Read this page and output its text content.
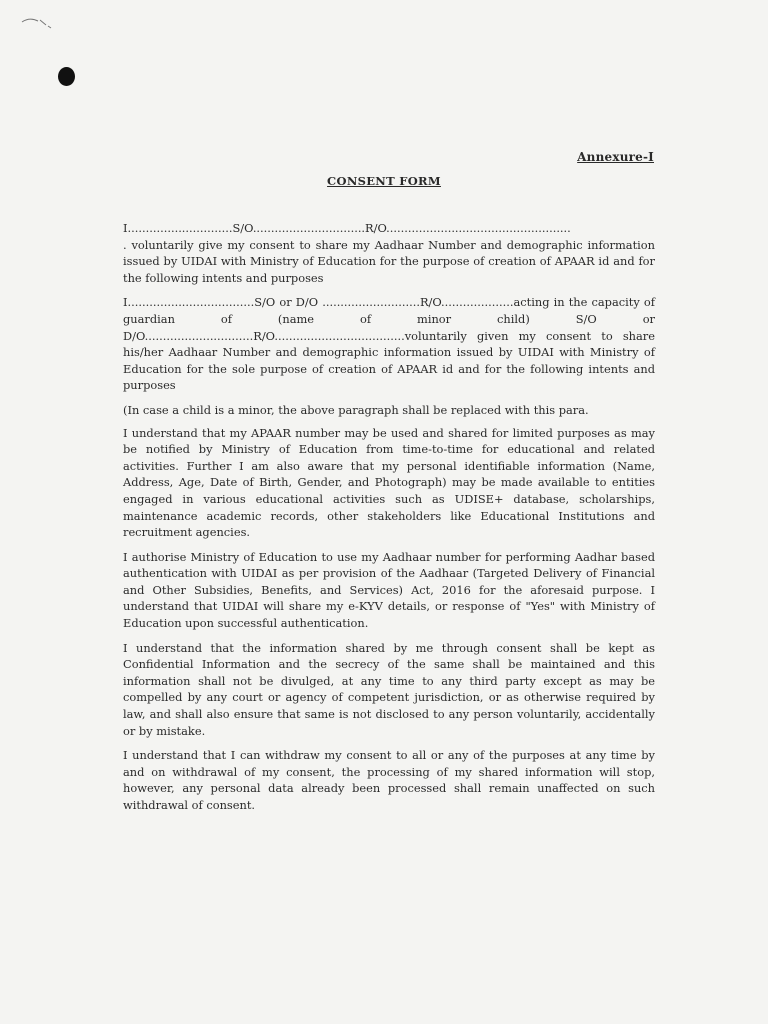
Annexure-I
CONSENT FORM

I.............................S/O...............................R/O...................................................
. voluntarily give my consent to share my Aadhaar Number and demographic information issued by UIDAI with Ministry of Education for the purpose of creation of APAAR id and for the following intents and purposes

I...................................S/O or D/O ...........................R/O....................acting in the capacity of guardian of (name of minor child) S/O or D/O..............................R/O....................................voluntarily given my consent to share his/her Aadhaar Number and demographic information issued by UIDAI with Ministry of Education for the sole purpose of creation of APAAR id and for the following intents and purposes

(In case a child is a minor, the above paragraph shall be replaced with this para.

I understand that my APAAR number may be used and shared for limited purposes as may be notified by Ministry of Education from time-to-time for educational and related activities. Further I am also aware that my personal identifiable information (Name, Address, Age, Date of Birth, Gender, and Photograph) may be made available to entities engaged in various educational activities such as UDISE+ database, scholarships, maintenance academic records, other stakeholders like Educational Institutions and recruitment agencies.

I authorise Ministry of Education to use my Aadhaar number for performing Aadhar based authentication with UIDAI as per provision of the Aadhaar (Targeted Delivery of Financial and Other Subsidies, Benefits, and Services) Act, 2016 for the aforesaid purpose. I understand that UIDAI will share my e-KYV details, or response of "Yes" with Ministry of Education upon successful authentication.

I understand that the information shared by me through consent shall be kept as Confidential Information and the secrecy of the same shall be maintained and this information shall not be divulged, at any time to any third party except as may be compelled by any court or agency of competent jurisdiction, or as otherwise required by law, and shall also ensure that same is not disclosed to any person voluntarily, accidentally or by mistake.

I understand that I can withdraw my consent to all or any of the purposes at any time by and on withdrawal of my consent, the processing of my shared information will stop, however, any personal data already been processed shall remain unaffected on such withdrawal of consent.
